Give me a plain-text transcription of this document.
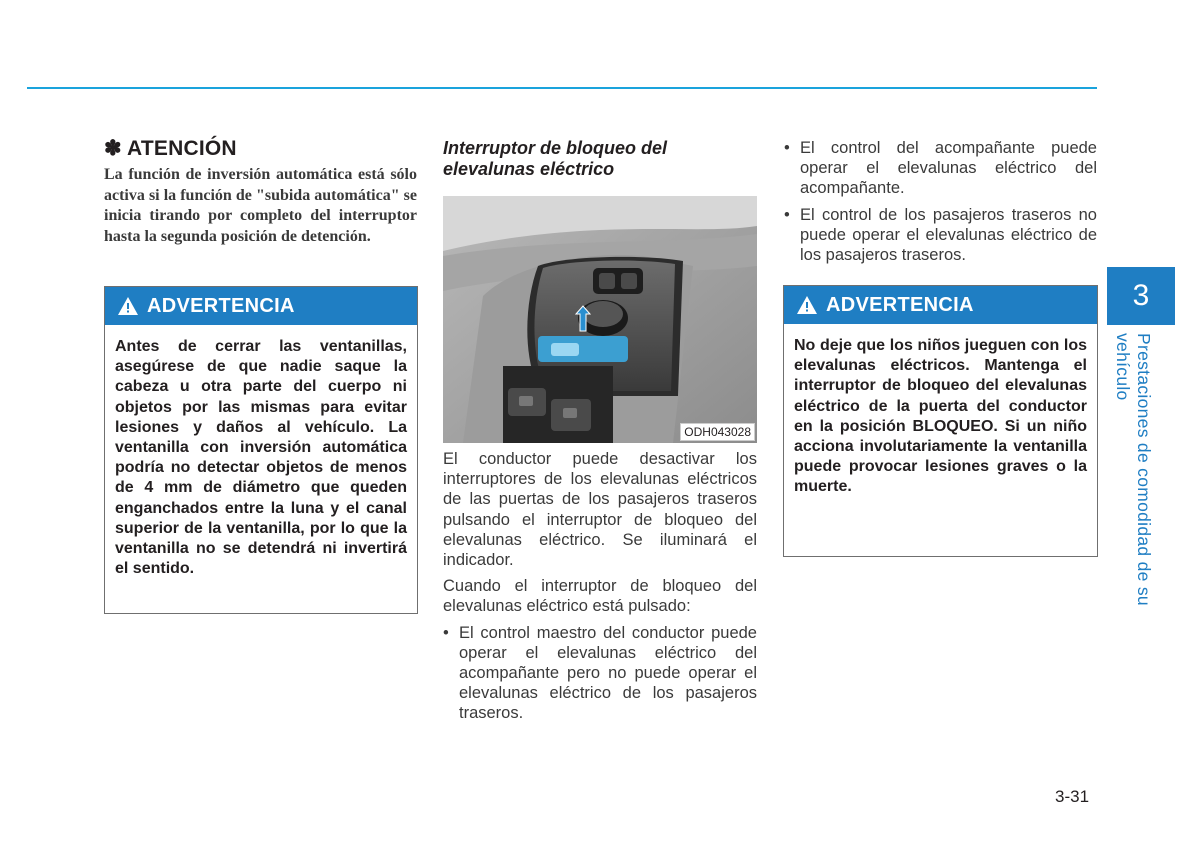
✽ ATENCIÓN

La función de inversión automática está sólo activa si la función de "subida automática" se inicia tirando por completo del interruptor hasta la segunda posición de detención.

ADVERTENCIA
Antes de cerrar las ventanillas, asegúrese de que nadie saque la cabeza u otra parte del cuerpo ni objetos por las mismas para evitar lesiones y daños al vehículo. La ventanilla con inversión automática podría no detectar objetos de menos de 4 mm de diámetro que queden enganchados entre la luna y el canal superior de la ventanilla, por lo que la ventanilla no se detendrá ni invertirá el sentido.
Interruptor de bloqueo del elevalunas eléctrico
ODH043028

El conductor puede desactivar los interruptores de los elevalunas eléctricos de las puertas de los pasajeros traseros pulsando el interruptor de bloqueo del elevalunas eléctrico. Se iluminará el indicador.

Cuando el interruptor de bloqueo del elevalunas eléctrico está pulsado:

• El control maestro del conductor puede operar el elevalunas eléctrico del acompañante pero no puede operar el elevalunas eléctrico de los pasajeros traseros.
• El control del acompañante puede operar el elevalunas eléctrico del acompañante.
• El control de los pasajeros traseros no puede operar el elevalunas eléctrico de los pasajeros traseros.
ADVERTENCIA
No deje que los niños jueguen con los elevalunas eléctricos. Mantenga el interruptor de bloqueo del elevalunas eléctrico de la puerta del conductor en la posición BLOQUEO. Si un niño acciona involutariamente la ventanilla puede provocar lesiones graves o la muerte.
3
Prestaciones de comodidad de su vehículo
3-31
